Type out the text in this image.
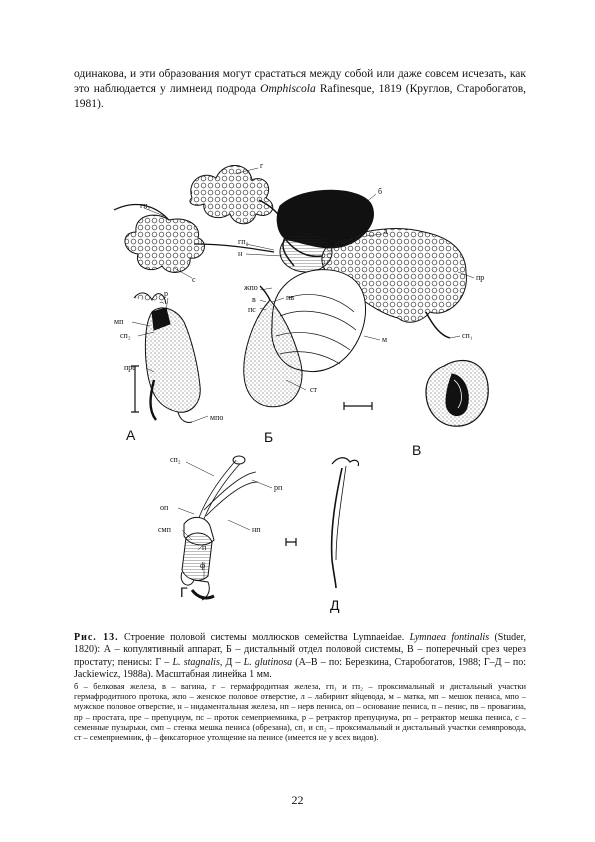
одинакова, и эти образования могут срастаться между собой или даже совсем исчезать, как это наблюдается у лимнеид подрода Omphiscola Rafinesque, 1819 (Круглов, Старобогатов, 1981).
г
гп₁
гп₂
н
с
б
а
пр
сп₁
жпо
в
пс
пв
м
ст
р
мп
сп₂
пре
мпо
сп₂
рп
оп
смп	нп
п
ф
А	Б
В
Г
Д

Рис. 13. Строение половой системы моллюсков семейства Lymnaeidae. Lymnaea fontinalis (Studer, 1820): А – копулятивный аппарат, Б – дистальный отдел половой системы, В – поперечный срез через простату; пенисы: Г – L. stagnalis, Д – L. glutinosa (А–В – по: Березкина, Старобогатов, 1988; Г–Д – по: Jackiewicz, 1988a). Масштабная линейка 1 мм.

б – белковая железа, в – вагина, г – гермафродитная железа, гп₁ и гп₂ – проксимальный и дистальный участки гермафродитного протока, жпо – женское половое отверстие, л – лабиринт яйцевода, м – матка, мп – мешок пениса, мпо – мужское половое отверстие, н – нидаментальная железа, нп – нерв пениса, оп – основание пениса, п – пенис, пв – провагина, пр – простата, пре – препуциум, пс – проток семеприемника, р – ретрактор препуциума, рп – ретрактор мешка пениса, с – семенные пузырьки, смп – стенка мешка пениса (обрезана), сп₁ и сп₂ – проксимальный и дистальный участки семяпровода, ст – семеприемник, ф – фиксаторное утолщение на пенисе (имеется не у всех видов).

22
